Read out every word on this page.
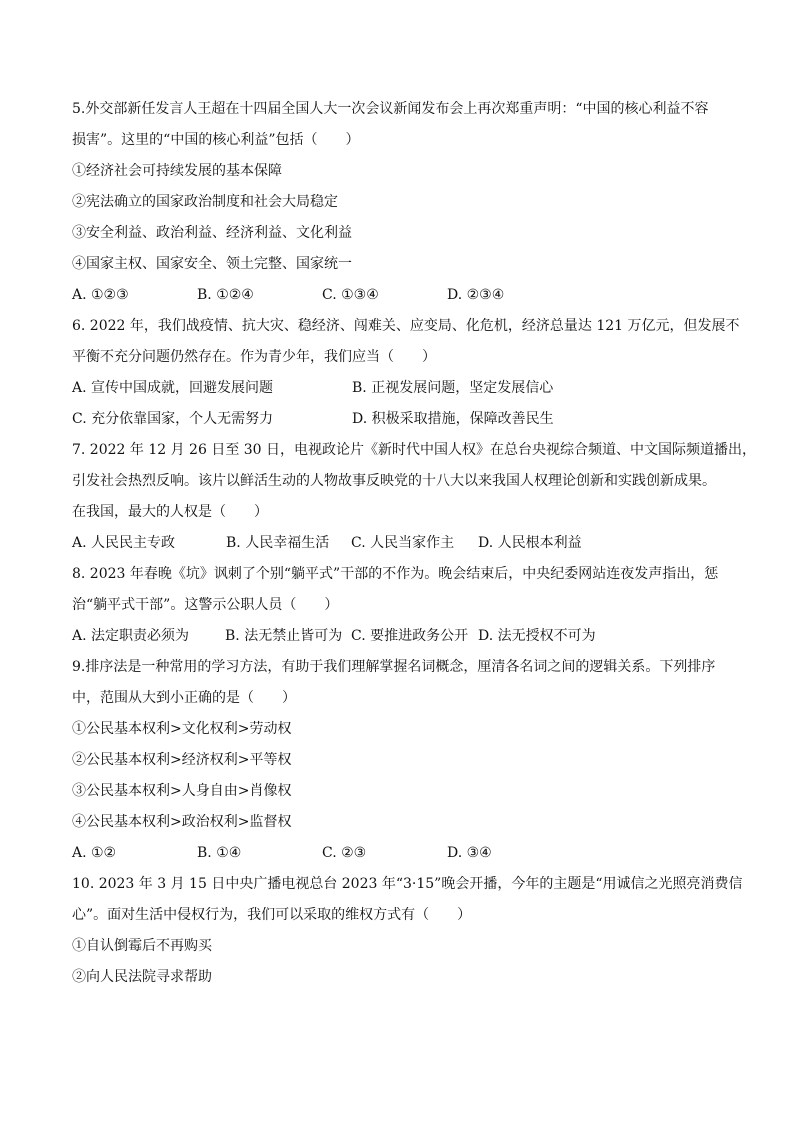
5.外交部新任发言人王超在十四届全国人大一次会议新闻发布会上再次郑重声明：“中国的核心利益不容
损害”。这里的“中国的核心利益”包括（　　）
①经济社会可持续发展的基本保障
②宪法确立的国家政治制度和社会大局稳定
③安全利益、政治利益、经济利益、文化利益
④国家主权、国家安全、领土完整、国家统一
A. ①②③	B. ①②④	C. ①③④	D. ②③④
6. 2022 年，我们战疫情、抗大灾、稳经济、闯难关、应变局、化危机，经济总量达 121 万亿元，但发展不
平衡不充分问题仍然存在。作为青少年，我们应当（　　）
A. 宣传中国成就，回避发展问题	B. 正视发展问题，坚定发展信心
C. 充分依靠国家，个人无需努力	D. 积极采取措施，保障改善民生
7. 2022 年 12 月 26 日至 30 日，电视政论片《新时代中国人权》在总台央视综合频道、中文国际频道播出，
引发社会热烈反响。该片以鲜活生动的人物故事反映党的十八大以来我国人权理论创新和实践创新成果。
在我国，最大的人权是（　　）
A. 人民民主专政	B. 人民幸福生活	C. 人民当家作主	D. 人民根本利益
8. 2023 年春晚《坑》讽刺了个别“躺平式”干部的不作为。晚会结束后，中央纪委网站连夜发声指出，惩
治“躺平式干部”。这警示公职人员（　　）
A. 法定职责必须为	B. 法无禁止皆可为 C. 要推进政务公开 D. 法无授权不可为
9.排序法是一种常用的学习方法，有助于我们理解掌握名词概念，厘清各名词之间的逻辑关系。下列排序
中，范围从大到小正确的是（　　）
①公民基本权利>文化权利>劳动权
②公民基本权利>经济权利>平等权
③公民基本权利>人身自由>肖像权
④公民基本权利>政治权利>监督权
A. ①②	B. ①④	C. ②③	D. ③④
10. 2023 年 3 月 15 日中央广播电视总台 2023 年“3·15”晚会开播，今年的主题是“用诚信之光照亮消费信
心”。面对生活中侵权行为，我们可以采取的维权方式有（　　）
①自认倒霉后不再购买
②向人民法院寻求帮助
